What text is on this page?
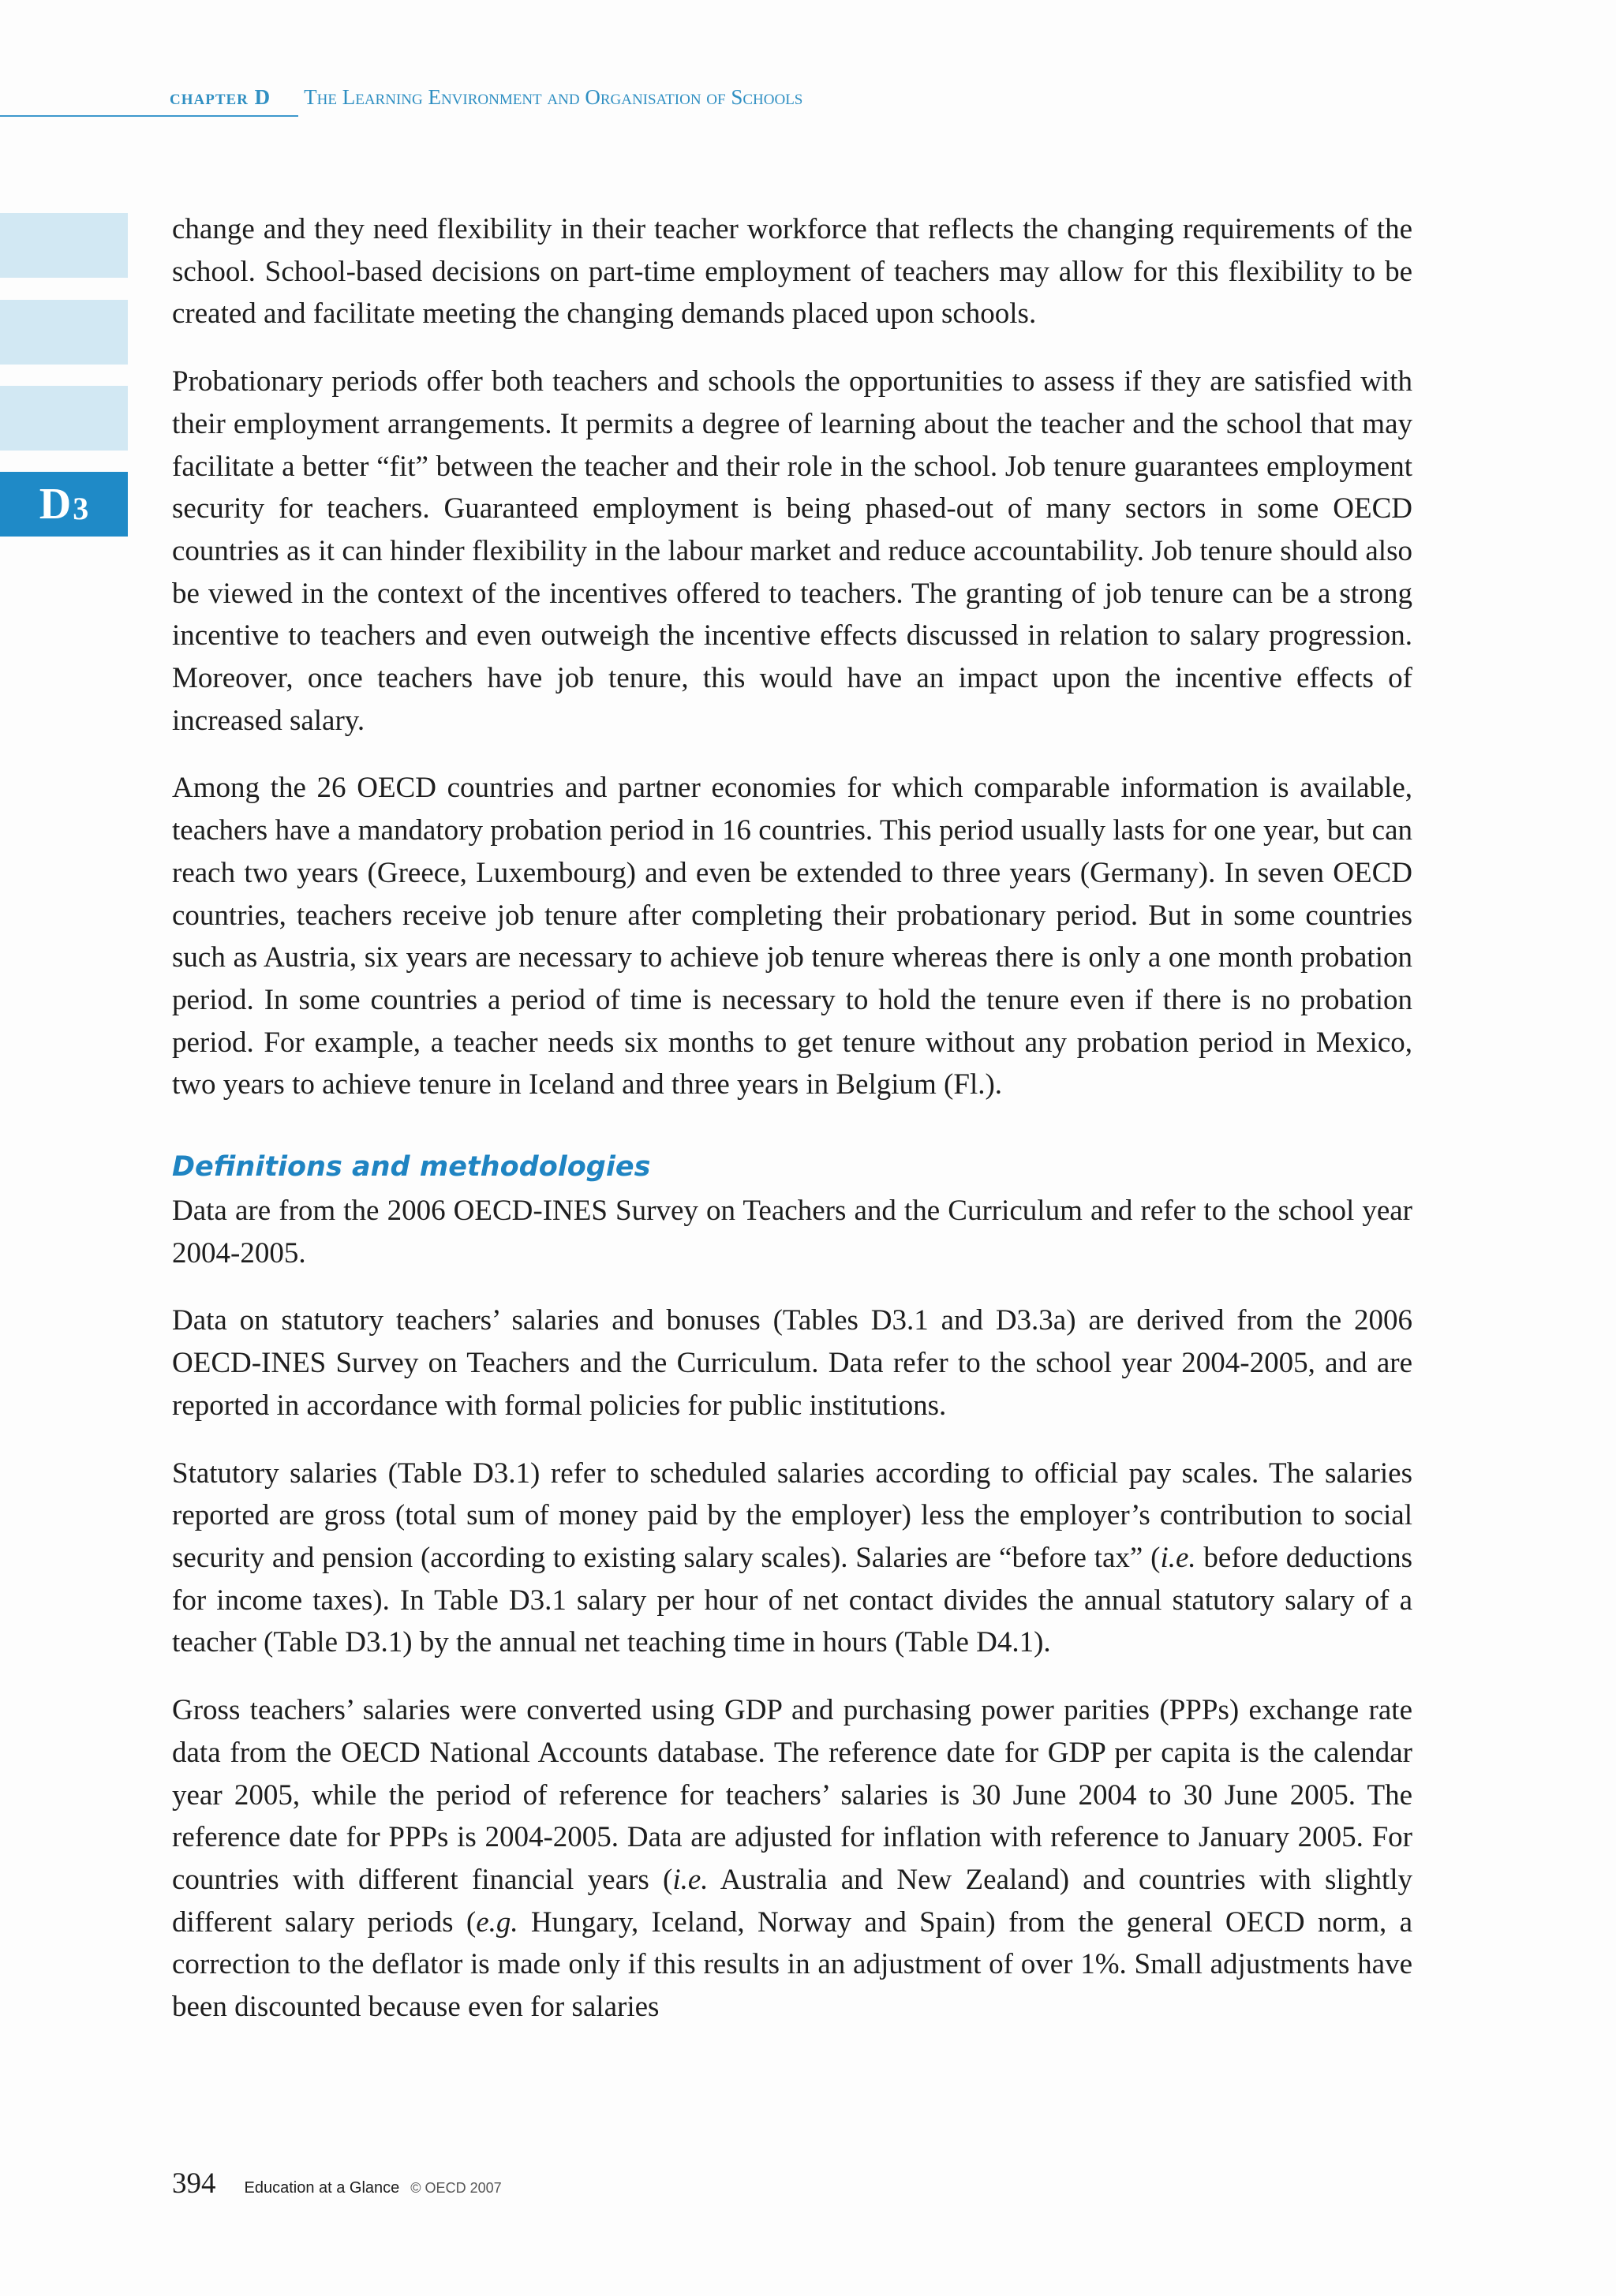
chapter D The Learning Environment and Organisation of Schools
D 3

change and they need flexibility in their teacher workforce that reflects the changing requirements of the school. School-based decisions on part-time employment of teachers may allow for this flexibility to be created and facilitate meeting the changing demands placed upon schools.

Probationary periods offer both teachers and schools the opportunities to assess if they are satisfied with their employment arrangements. It permits a degree of learning about the teacher and the school that may facilitate a better “fit” between the teacher and their role in the school. Job tenure guarantees employment security for teachers. Guaranteed employment is being phased-out of many sectors in some OECD countries as it can hinder flexibility in the labour market and reduce accountability. Job tenure should also be viewed in the context of the incentives offered to teachers. The granting of job tenure can be a strong incentive to teachers and even outweigh the incentive effects discussed in relation to salary progression. Moreover, once teachers have job tenure, this would have an impact upon the incentive effects of increased salary.

Among the 26 OECD countries and partner economies for which comparable information is available, teachers have a mandatory probation period in 16 countries. This period usually lasts for one year, but can reach two years (Greece, Luxembourg) and even be extended to three years (Germany). In seven OECD countries, teachers receive job tenure after completing their probationary period. But in some countries such as Austria, six years are necessary to achieve job tenure whereas there is only a one month probation period. In some countries a period of time is necessary to hold the tenure even if there is no probation period. For example, a teacher needs six months to get tenure without any probation period in Mexico, two years to achieve tenure in Iceland and three years in Belgium (Fl.).

Definitions and methodologies

Data are from the 2006 OECD-INES Survey on Teachers and the Curriculum and refer to the school year 2004-2005.

Data on statutory teachers’ salaries and bonuses (Tables D3.1 and D3.3a) are derived from the 2006 OECD-INES Survey on Teachers and the Curriculum. Data refer to the school year 2004-2005, and are reported in accordance with formal policies for public institutions.

Statutory salaries (Table D3.1) refer to scheduled salaries according to official pay scales. The salaries reported are gross (total sum of money paid by the employer) less the employer’s contribution to social security and pension (according to existing salary scales). Salaries are “before tax” (i.e. before deductions for income taxes). In Table D3.1 salary per hour of net contact divides the annual statutory salary of a teacher (Table D3.1) by the annual net teaching time in hours (Table D4.1).

Gross teachers’ salaries were converted using GDP and purchasing power parities (PPPs) exchange rate data from the OECD National Accounts database. The reference date for GDP per capita is the calendar year 2005, while the period of reference for teachers’ salaries is 30 June 2004 to 30 June 2005. The reference date for PPPs is 2004-2005. Data are adjusted for inflation with reference to January 2005. For countries with different financial years (i.e. Australia and New Zealand) and countries with slightly different salary periods (e.g. Hungary, Iceland, Norway and Spain) from the general OECD norm, a correction to the deflator is made only if this results in an adjustment of over 1%. Small adjustments have been discounted because even for salaries

394 Education at a Glance © OECD 2007
